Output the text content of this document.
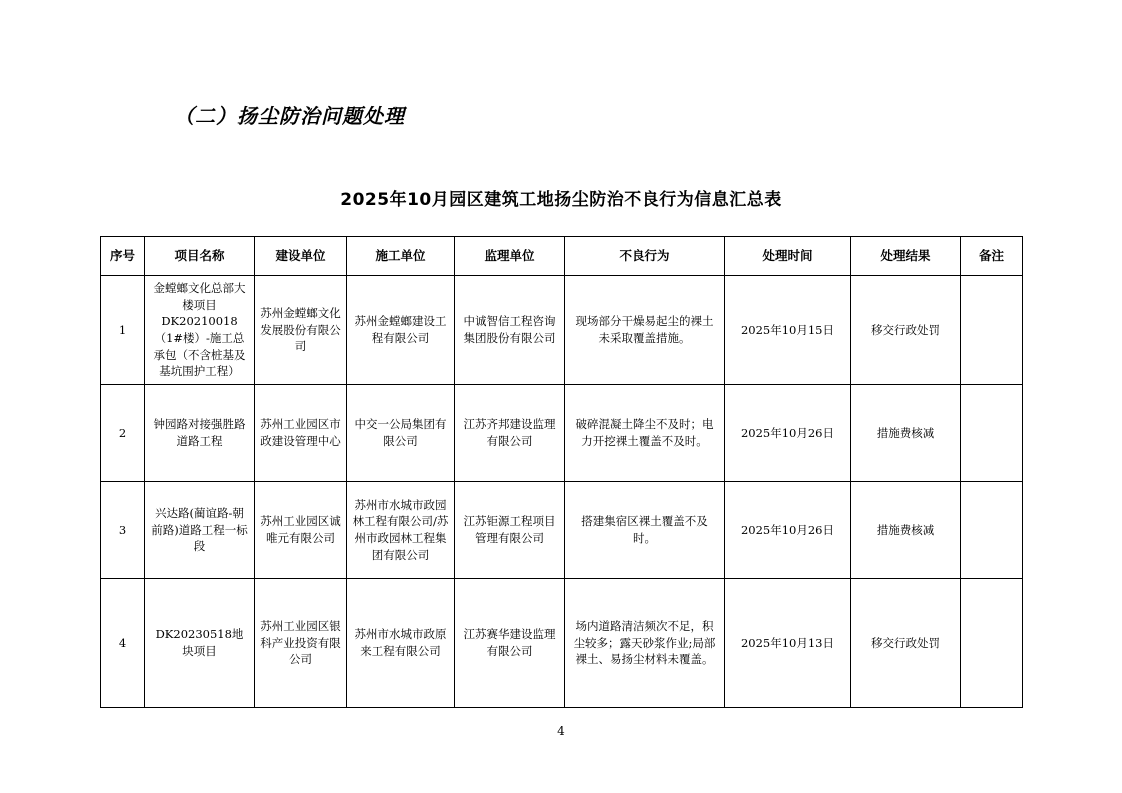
（二）扬尘防治问题处理
2025年10月园区建筑工地扬尘防治不良行为信息汇总表
序号	项目名称	建设单位	施工单位	监理单位	不良行为	处理时间	处理结果	备注
1	金螳螂文化总部大楼项目DK20210018（1#楼）-施工总承包（不含桩基及基坑围护工程）	苏州金螳螂文化发展股份有限公司	苏州金螳螂建设工程有限公司	中诚智信工程咨询集团股份有限公司	现场部分干燥易起尘的裸土未采取覆盖措施。	2025年10月15日	移交行政处罚	
2	钟园路对接强胜路道路工程	苏州工业园区市政建设管理中心	中交一公局集团有限公司	江苏齐邦建设监理有限公司	破碎混凝土降尘不及时；电力开挖裸土覆盖不及时。	2025年10月26日	措施费核减	
3	兴达路(蔺谊路-朝前路)道路工程一标段	苏州工业园区诚唯元有限公司	苏州市水城市政园林工程有限公司/苏州市政园林工程集团有限公司	江苏钜源工程项目管理有限公司	搭建集宿区裸土覆盖不及时。	2025年10月26日	措施费核减	
4	DK20230518地块项目	苏州工业园区银科产业投资有限公司	苏州市水城市政原来工程有限公司	江苏赛华建设监理有限公司	场内道路清洁频次不足，积尘较多；露天砂浆作业;局部裸土、易扬尘材料未覆盖。	2025年10月13日	移交行政处罚	
4
